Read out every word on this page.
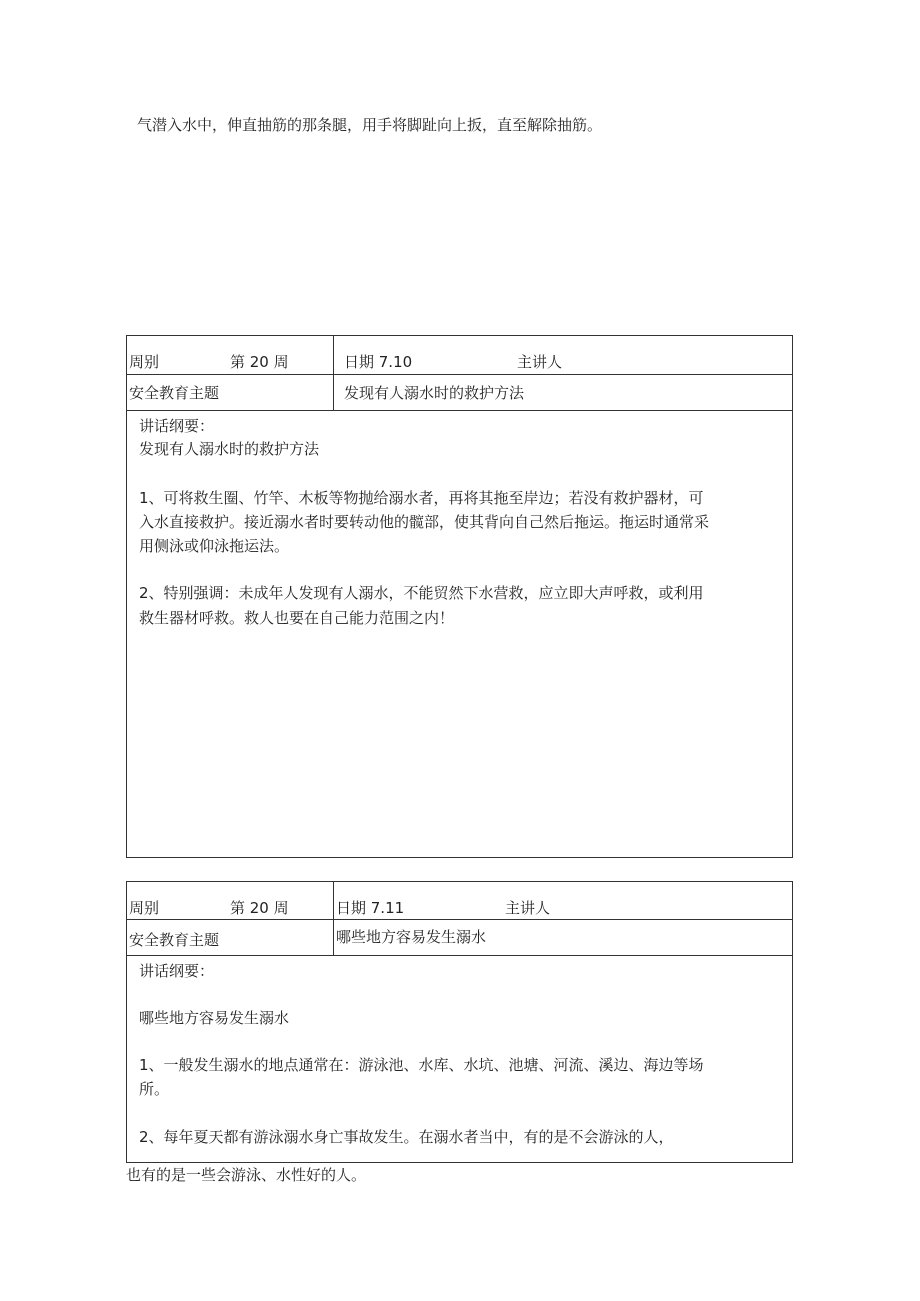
气潜入水中，伸直抽筋的那条腿，用手将脚趾向上扳，直至解除抽筋。
周别	第 20 周	日期 7.10	主讲人
安全教育主题	发现有人溺水时的救护方法
讲话纲要：
发现有人溺水时的救护方法
1、可将救生圈、竹竿、木板等物抛给溺水者，再将其拖至岸边；若没有救护器材，可
入水直接救护。接近溺水者时要转动他的髋部，使其背向自己然后拖运。拖运时通常采
用侧泳或仰泳拖运法。
2、特别强调：未成年人发现有人溺水，不能贸然下水营救，应立即大声呼救，或利用
救生器材呼救。救人也要在自己能力范围之内！
周别	第 20 周	日期 7.11	主讲人
安全教育主题	哪些地方容易发生溺水
讲话纲要：
哪些地方容易发生溺水
1、一般发生溺水的地点通常在：游泳池、水库、水坑、池塘、河流、溪边、海边等场
所。
2、每年夏天都有游泳溺水身亡事故发生。在溺水者当中，有的是不会游泳的人，
也有的是一些会游泳、水性好的人。
